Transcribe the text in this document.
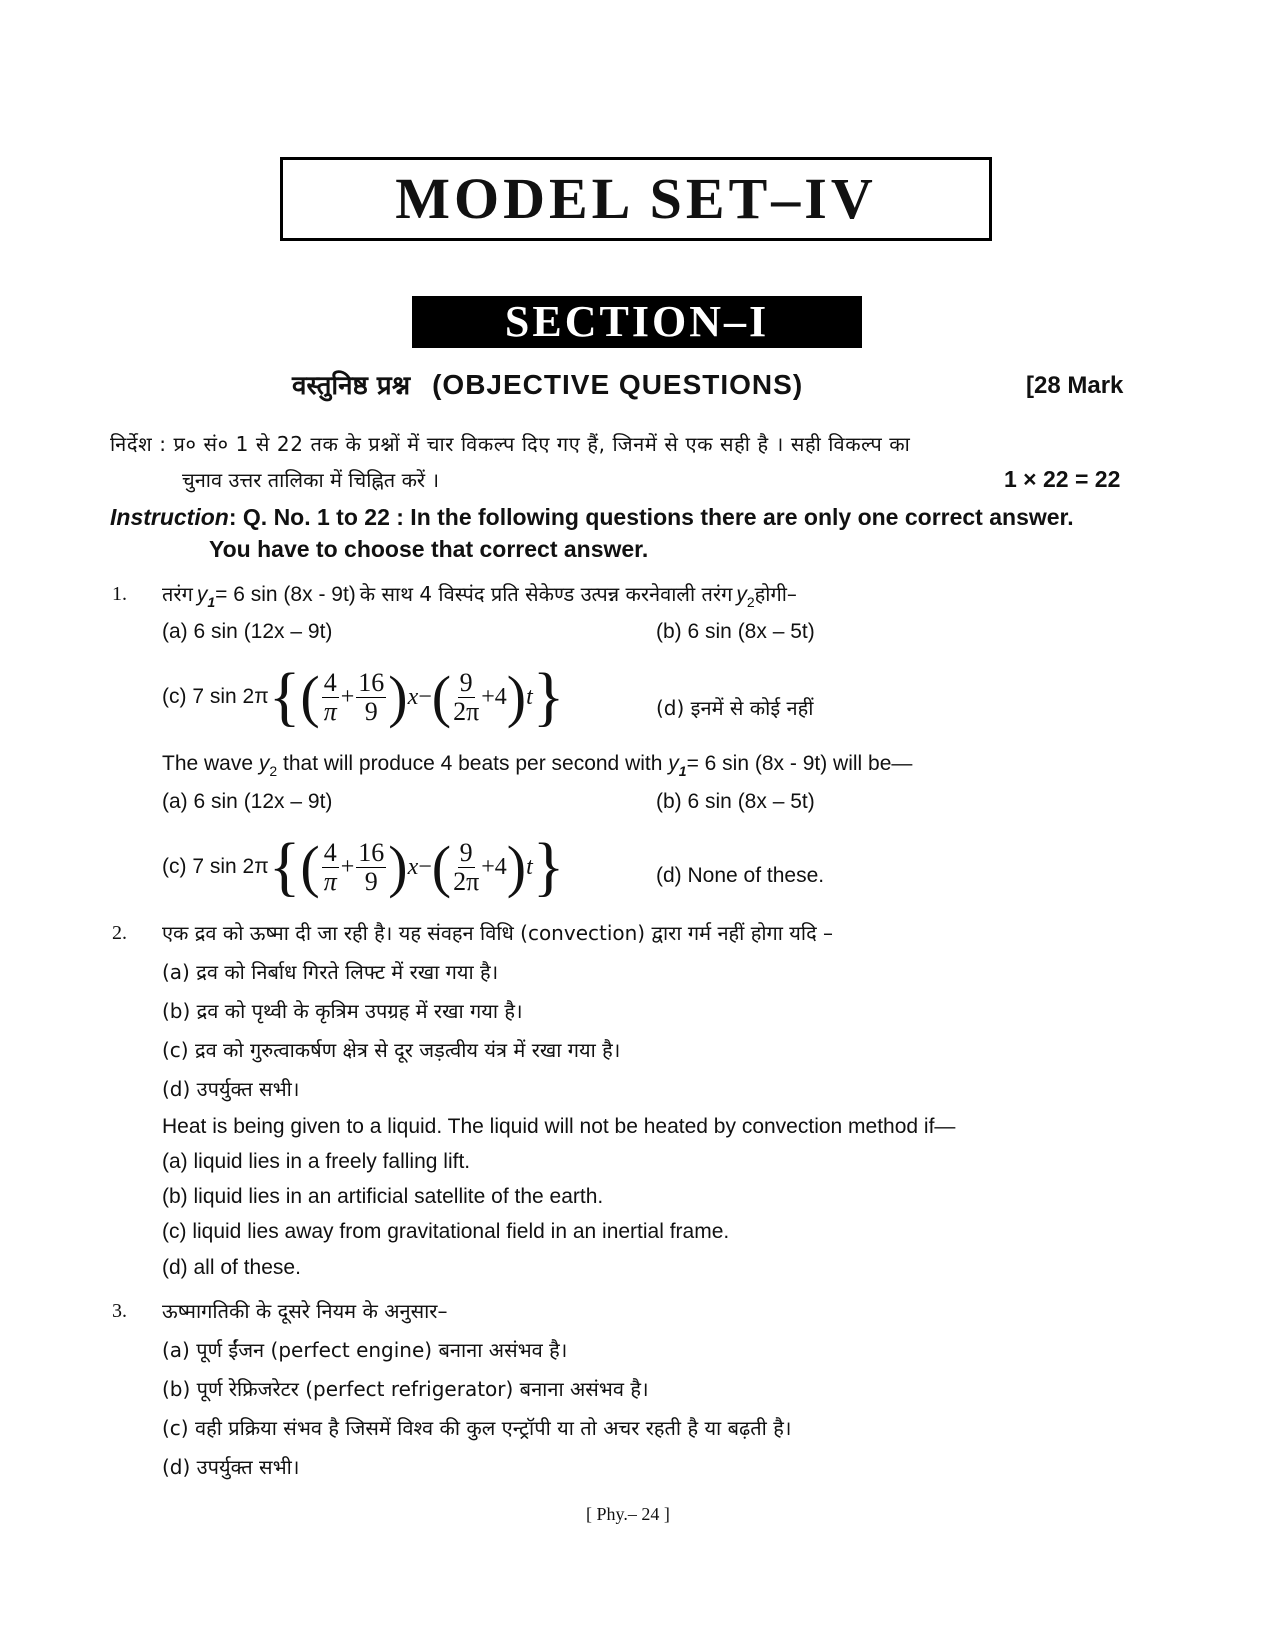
MODEL SET–IV
SECTION–I
वस्तुनिष्ठ प्रश्न (OBJECTIVE QUESTIONS)	[28 Mark
निर्देश : प्र० सं० 1 से 22 तक के प्रश्नों में चार विकल्प दिए गए हैं, जिनमें से एक सही है । सही विकल्प का
चुनाव उत्तर तालिका में चिह्नित करें ।	1 × 22 = 22
Instruction: Q. No. 1 to 22 : In the following questions there are only one correct answer.
You have to choose that correct answer.
1. तरंग $y_1= 6$ sin (8x - 9t) के साथ 4 विस्पंद प्रति सेकेण्ड उत्पन्न करनेवाली तरंग $y_2होगी-$
(a) 6 sin (12x – 9t)	(b) 6 sin (8x – 5t)
(c) 7 sin 2π { ( $\frac{4}{\pi} + \frac{16}{9}$ ) x − ( $\frac{9}{2\pi} +4$ ) t }	(d) इनमें से कोई नहीं
The wave $y_2$ that will produce 4 beats per second with $y_1= 6$ sin (8x - 9t) will be—
(a) 6 sin (12x – 9t)	(b) 6 sin (8x – 5t)
(c) 7 sin 2π { ( $\frac{4}{\pi} + \frac{16}{9}$ ) x − ( $\frac{9}{2\pi} +4$ ) t }	(d) None of these.
2. एक द्रव को ऊष्मा दी जा रही है। यह संवहन विधि (convection) द्वारा गर्म नहीं होगा यदि –
(a) द्रव को निर्बाध गिरते लिफ्ट में रखा गया है।
(b) द्रव को पृथ्वी के कृत्रिम उपग्रह में रखा गया है।
(c) द्रव को गुरुत्वाकर्षण क्षेत्र से दूर जड़त्वीय यंत्र में रखा गया है।
(d) उपर्युक्त सभी।
Heat is being given to a liquid. The liquid will not be heated by convection method if—
(a) liquid lies in a freely falling lift.
(b) liquid lies in an artificial satellite of the earth.
(c) liquid lies away from gravitational field in an inertial frame.
(d) all of these.
3. ऊष्मागतिकी के दूसरे नियम के अनुसार–
(a) पूर्ण ईंजन (perfect engine) बनाना असंभव है।
(b) पूर्ण रेफ्रिजरेटर (perfect refrigerator) बनाना असंभव है।
(c) वही प्रक्रिया संभव है जिसमें विश्व की कुल एन्ट्रॉपी या तो अचर रहती है या बढ़ती है।
(d) उपर्युक्त सभी।
[ Phy.– 24 ]
